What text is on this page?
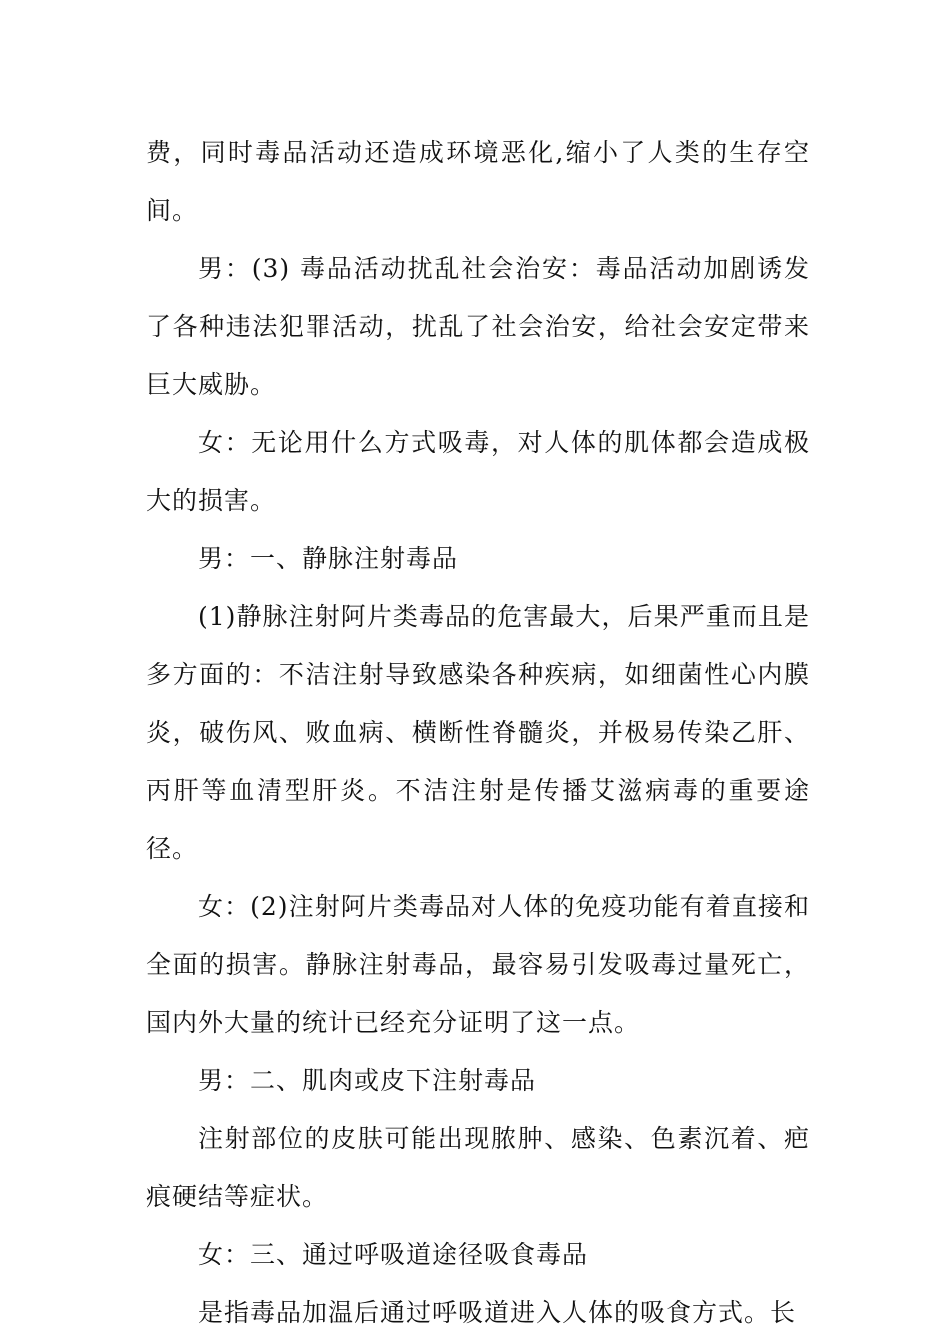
费，同时毒品活动还造成环境恶化,缩小了人类的生存空间。

男：(3) 毒品活动扰乱社会治安：毒品活动加剧诱发了各种违法犯罪活动，扰乱了社会治安，给社会安定带来巨大威胁。

女：无论用什么方式吸毒，对人体的肌体都会造成极大的损害。

男：一、静脉注射毒品

(1)静脉注射阿片类毒品的危害最大，后果严重而且是多方面的：不洁注射导致感染各种疾病，如细菌性心内膜炎，破伤风、败血病、横断性脊髓炎，并极易传染乙肝、丙肝等血清型肝炎。不洁注射是传播艾滋病毒的重要途径。

女：(2)注射阿片类毒品对人体的免疫功能有着直接和全面的损害。静脉注射毒品，最容易引发吸毒过量死亡，国内外大量的统计已经充分证明了这一点。

男：二、肌肉或皮下注射毒品

注射部位的皮肤可能出现脓肿、感染、色素沉着、疤痕硬结等症状。

女：三、通过呼吸道途径吸食毒品

是指毒品加温后通过呼吸道进入人体的吸食方式。长
